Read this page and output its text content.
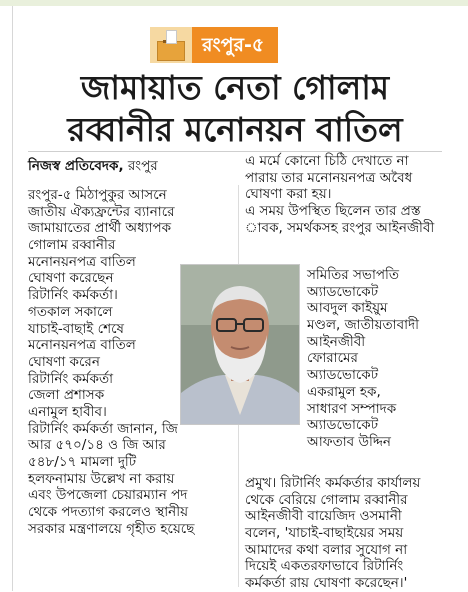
রংপুর-৫
জামায়াত নেতা গোলাম
রব্বানীর মনোনয়ন বাতিল
নিজস্ব প্রতিবেদক, রংপুর
রংপুর-৫ মিঠাপুকুর আসনে
জাতীয় ঐক্যফ্রন্টের ব্যানারে
জামায়াতের প্রার্থী অধ্যাপক
গোলাম রব্বানীর
মনোনয়নপত্র বাতিল
ঘোষণা করেছেন
রিটার্নিং কর্মকর্তা।
গতকাল সকালে
যাচাই-বাছাই শেষে
মনোনয়নপত্র বাতিল
ঘোষণা করেন
রিটার্নিং কর্মকর্তা
জেলা প্রশাসক
এনামুল হাবীব।
রিটার্নিং কর্মকর্তা জানান, জি
আর ৫৭০/১৪ ও জি আর
৫৪৮/১৭ মামলা দুটি
হলফনামায় উল্লেখ না করায়
এবং উপজেলা চেয়ারম্যান পদ
থেকে পদত্যাগ করলেও স্থানীয়
সরকার মন্ত্রণালয়ে গৃহীত হয়েছে
এ মর্মে কোনো চিঠি দেখাতে না
পারায় তার মনোনয়নপত্র অবৈধ
ঘোষণা করা হয়।
এ সময় উপস্থিত ছিলেন তার প্রস্ত
াবক, সমর্থকসহ রংপুর আইনজীবী
সমিতির সভাপতি
অ্যাডভোকেট
আবদুল কাইয়ুম
মণ্ডল, জাতীয়তাবাদী
আইনজীবী
ফোরামের
অ্যাডভোকেট
একরামুল হক,
সাধারণ সম্পাদক
অ্যাডভোকেট
আফতাব উদ্দিন
প্রমুখ। রিটার্নিং কর্মকর্তার কার্যালয়
থেকে বেরিয়ে গোলাম রব্বানীর
আইনজীবী বায়েজিদ ওসমানী
বলেন, 'যাচাই-বাছাইয়ের সময়
আমাদের কথা বলার সুযোগ না
দিয়েই একতরফাভাবে রিটার্নিং
কর্মকর্তা রায় ঘোষণা করেছেন।'
